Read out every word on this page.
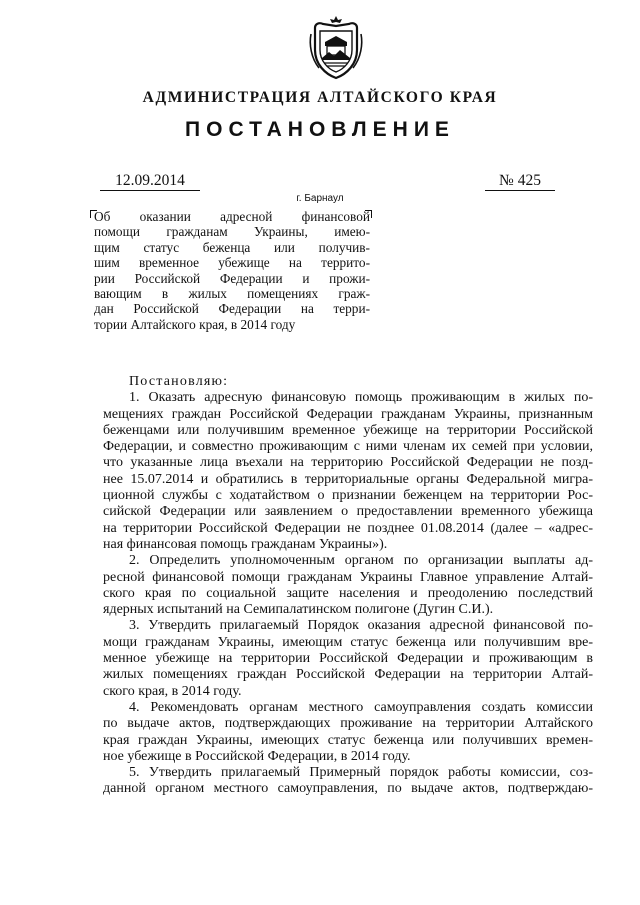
АДМИНИСТРАЦИЯ АЛТАЙСКОГО КРАЯ
ПОСТАНОВЛЕНИЕ
12.09.2014	№ 425
г. Барнаул
Об оказании адресной финансовой
помощи гражданам Украины, имею-
щим статус беженца или получив-
шим временное убежище на террито-
рии Российской Федерации и прожи-
вающим в жилых помещениях граж-
дан Российской Федерации на терри-
тории Алтайского края, в 2014 году
Постановляю:
1. Оказать адресную финансовую помощь проживающим в жилых по-
мещениях граждан Российской Федерации гражданам Украины, признанным
беженцами или получившим временное убежище на территории Российской
Федерации, и совместно проживающим с ними членам их семей при условии,
что указанные лица въехали на территорию Российской Федерации не позд-
нее 15.07.2014 и обратились в территориальные органы Федеральной мигра-
ционной службы с ходатайством о признании беженцем на территории Рос-
сийской Федерации или заявлением о предоставлении временного убежища
на территории Российской Федерации не позднее 01.08.2014 (далее – «адрес-
ная финансовая помощь гражданам Украины»).
2. Определить уполномоченным органом по организации выплаты ад-
ресной финансовой помощи гражданам Украины Главное управление Алтай-
ского края по социальной защите населения и преодолению последствий
ядерных испытаний на Семипалатинском полигоне (Дугин С.И.).
3. Утвердить прилагаемый Порядок оказания адресной финансовой по-
мощи гражданам Украины, имеющим статус беженца или получившим вре-
менное убежище на территории Российской Федерации и проживающим в
жилых помещениях граждан Российской Федерации на территории Алтай-
ского края, в 2014 году.
4. Рекомендовать органам местного самоуправления создать комиссии
по выдаче актов, подтверждающих проживание на территории Алтайского
края граждан Украины, имеющих статус беженца или получивших времен-
ное убежище в Российской Федерации, в 2014 году.
5. Утвердить прилагаемый Примерный порядок работы комиссии, соз-
данной органом местного самоуправления, по выдаче актов, подтверждаю-
